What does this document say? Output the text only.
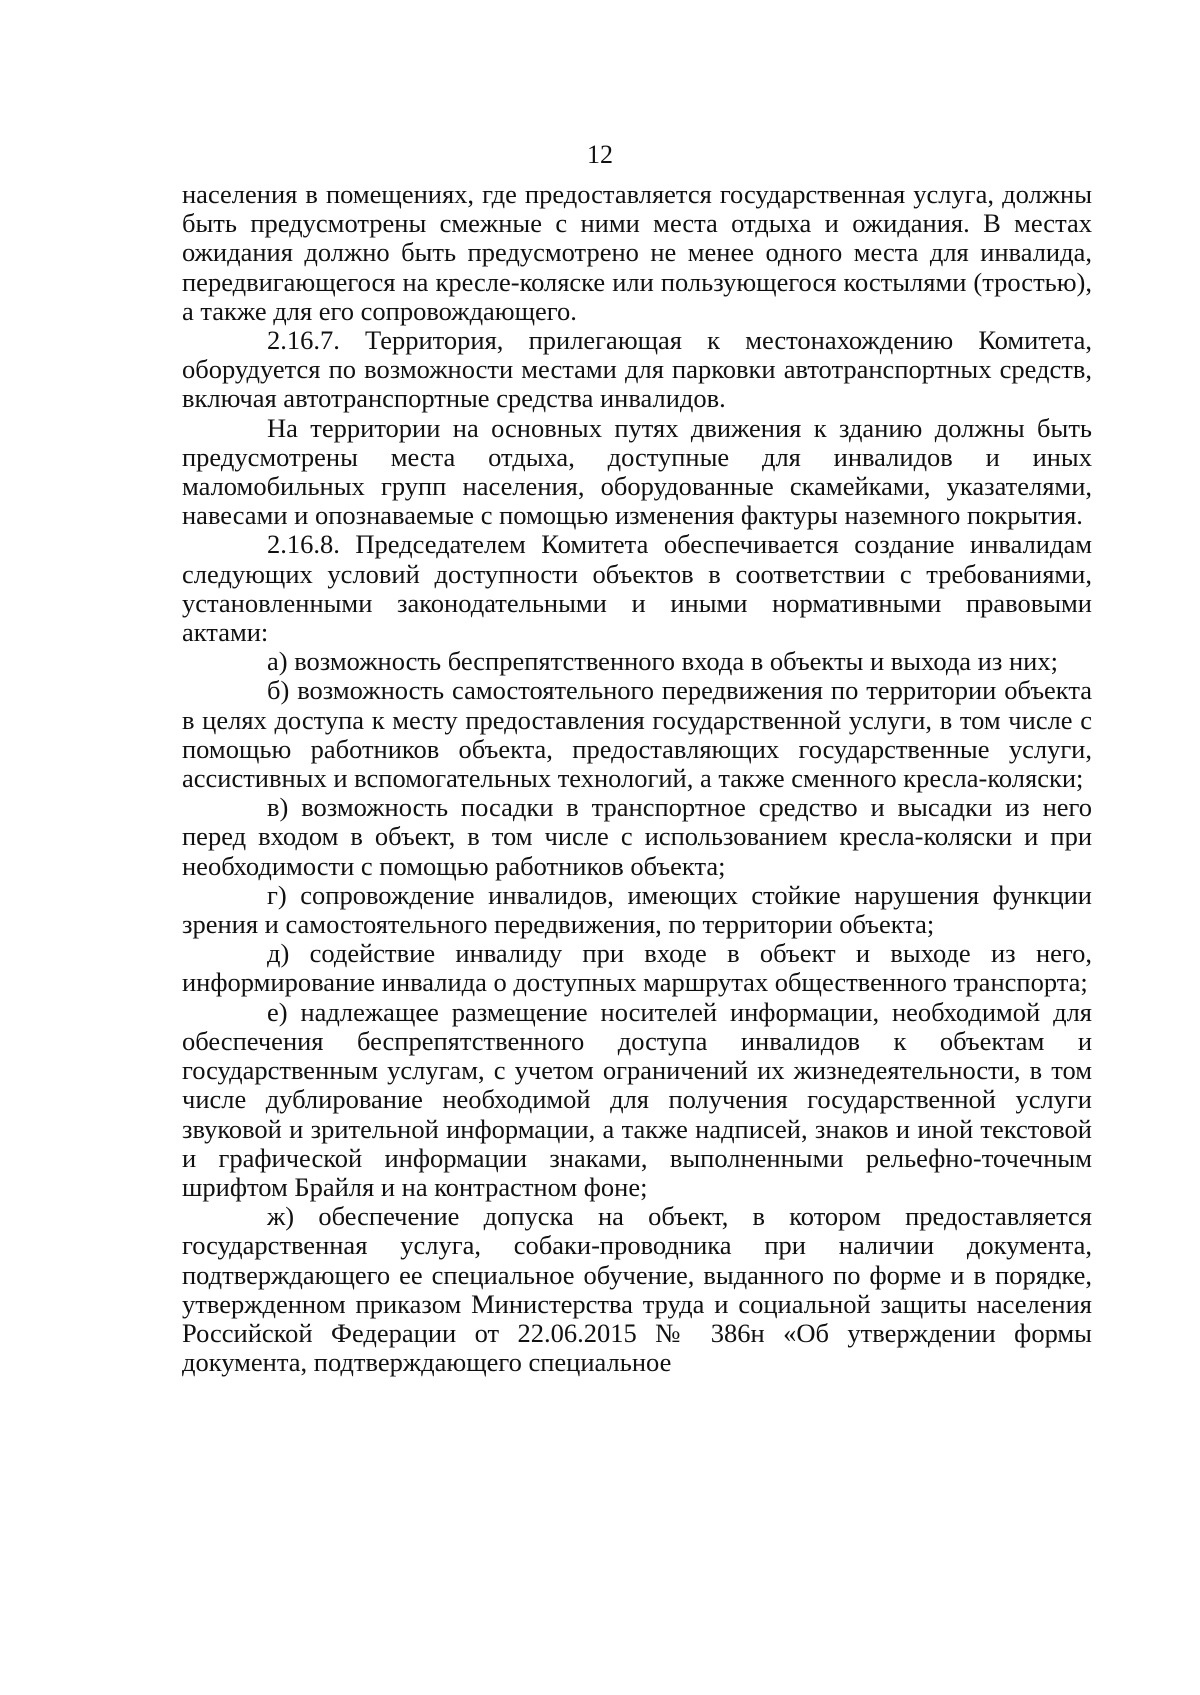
12

населения в помещениях, где предоставляется государственная услуга, должны быть предусмотрены смежные с ними места отдыха и ожидания. В местах ожидания должно быть предусмотрено не менее одного места для инвалида, передвигающегося на кресле-коляске или пользующегося костылями (тростью), а также для его сопровождающего.

2.16.7. Территория, прилегающая к местонахождению Комитета, оборудуется по возможности местами для парковки автотранспортных средств, включая автотранспортные средства инвалидов.

На территории на основных путях движения к зданию должны быть предусмотрены места отдыха, доступные для инвалидов и иных маломобильных групп населения, оборудованные скамейками, указателями, навесами и опознаваемые с помощью изменения фактуры наземного покрытия.

2.16.8. Председателем Комитета обеспечивается создание инвалидам следующих условий доступности объектов в соответствии с требованиями, установленными законодательными и иными нормативными правовыми актами:

а) возможность беспрепятственного входа в объекты и выхода из них;

б) возможность самостоятельного передвижения по территории объекта в целях доступа к месту предоставления государственной услуги, в том числе с помощью работников объекта, предоставляющих государственные услуги, ассистивных и вспомогательных технологий, а также сменного кресла-коляски;

в) возможность посадки в транспортное средство и высадки из него перед входом в объект, в том числе с использованием кресла-коляски и при необходимости с помощью работников объекта;

г) сопровождение инвалидов, имеющих стойкие нарушения функции зрения и самостоятельного передвижения, по территории объекта;

д) содействие инвалиду при входе в объект и выходе из него, информирование инвалида о доступных маршрутах общественного транспорта;

е) надлежащее размещение носителей информации, необходимой для обеспечения беспрепятственного доступа инвалидов к объектам и государственным услугам, с учетом ограничений их жизнедеятельности, в том числе дублирование необходимой для получения государственной услуги звуковой и зрительной информации, а также надписей, знаков и иной текстовой и графической информации знаками, выполненными рельефно-точечным шрифтом Брайля и на контрастном фоне;

ж) обеспечение допуска на объект, в котором предоставляется государственная услуга, собаки-проводника при наличии документа, подтверждающего ее специальное обучение, выданного по форме и в порядке, утвержденном приказом Министерства труда и социальной защиты населения Российской Федерации от 22.06.2015 № 386н «Об утверждении формы документа, подтверждающего специальное
